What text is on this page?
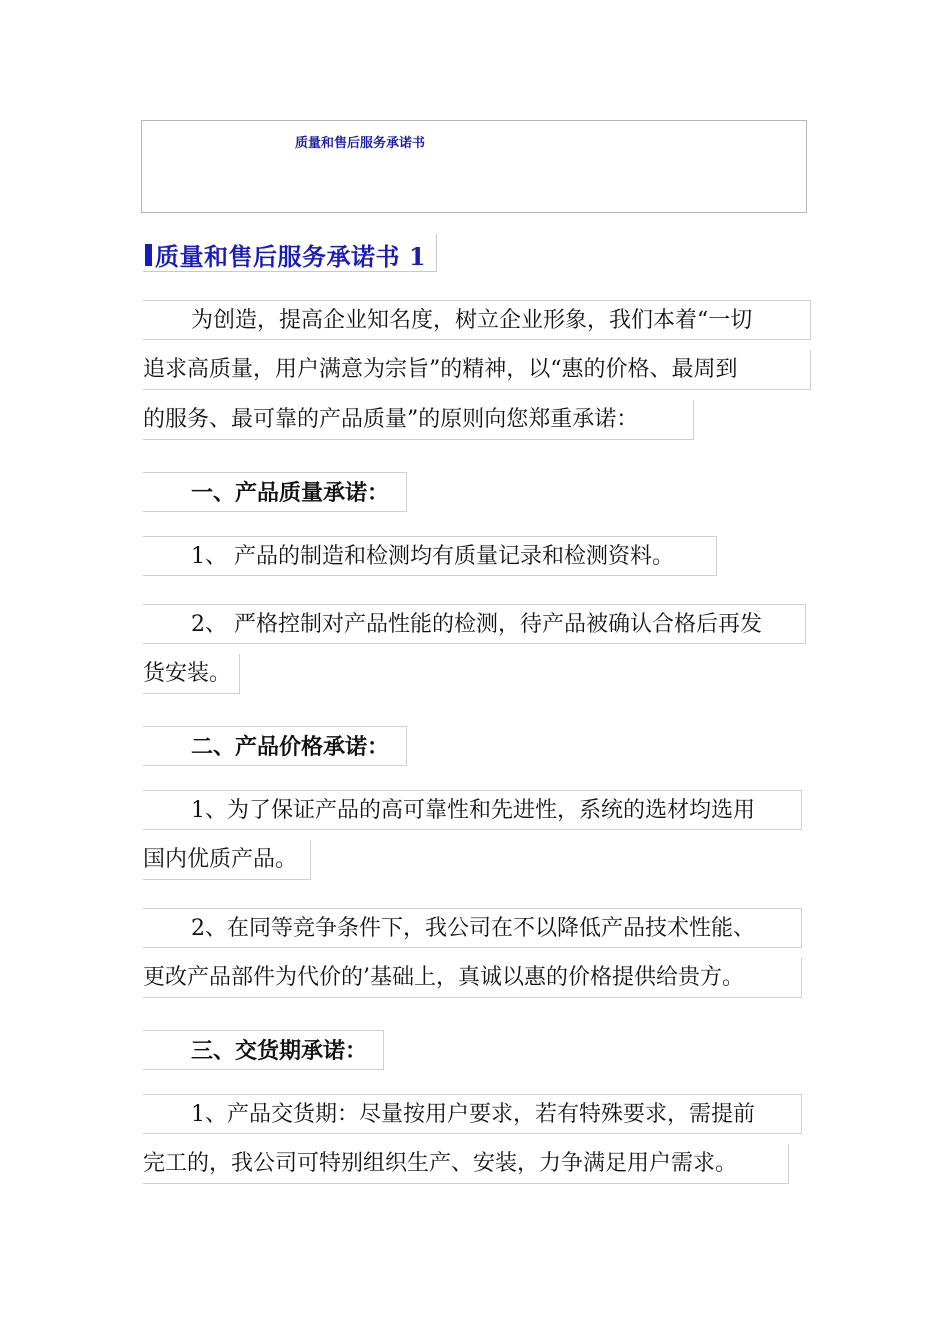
质量和售后服务承诺书
质量和售后服务承诺书 1
为创造，提高企业知名度，树立企业形象，我们本着“一切
追求高质量，用户满意为宗旨”的精神，以“惠的价格、最周到
的服务、最可靠的产品质量”的原则向您郑重承诺：
一、产品质量承诺：
1、 产品的制造和检测均有质量记录和检测资料。
2、 严格控制对产品性能的检测，待产品被确认合格后再发
货安装。
二、产品价格承诺：
1、为了保证产品的高可靠性和先进性，系统的选材均选用
国内优质产品。
2、在同等竞争条件下，我公司在不以降低产品技术性能、
更改产品部件为代价的’基础上，真诚以惠的价格提供给贵方。
三、交货期承诺：
1、产品交货期：尽量按用户要求，若有特殊要求，需提前
完工的，我公司可特别组织生产、安装，力争满足用户需求。
